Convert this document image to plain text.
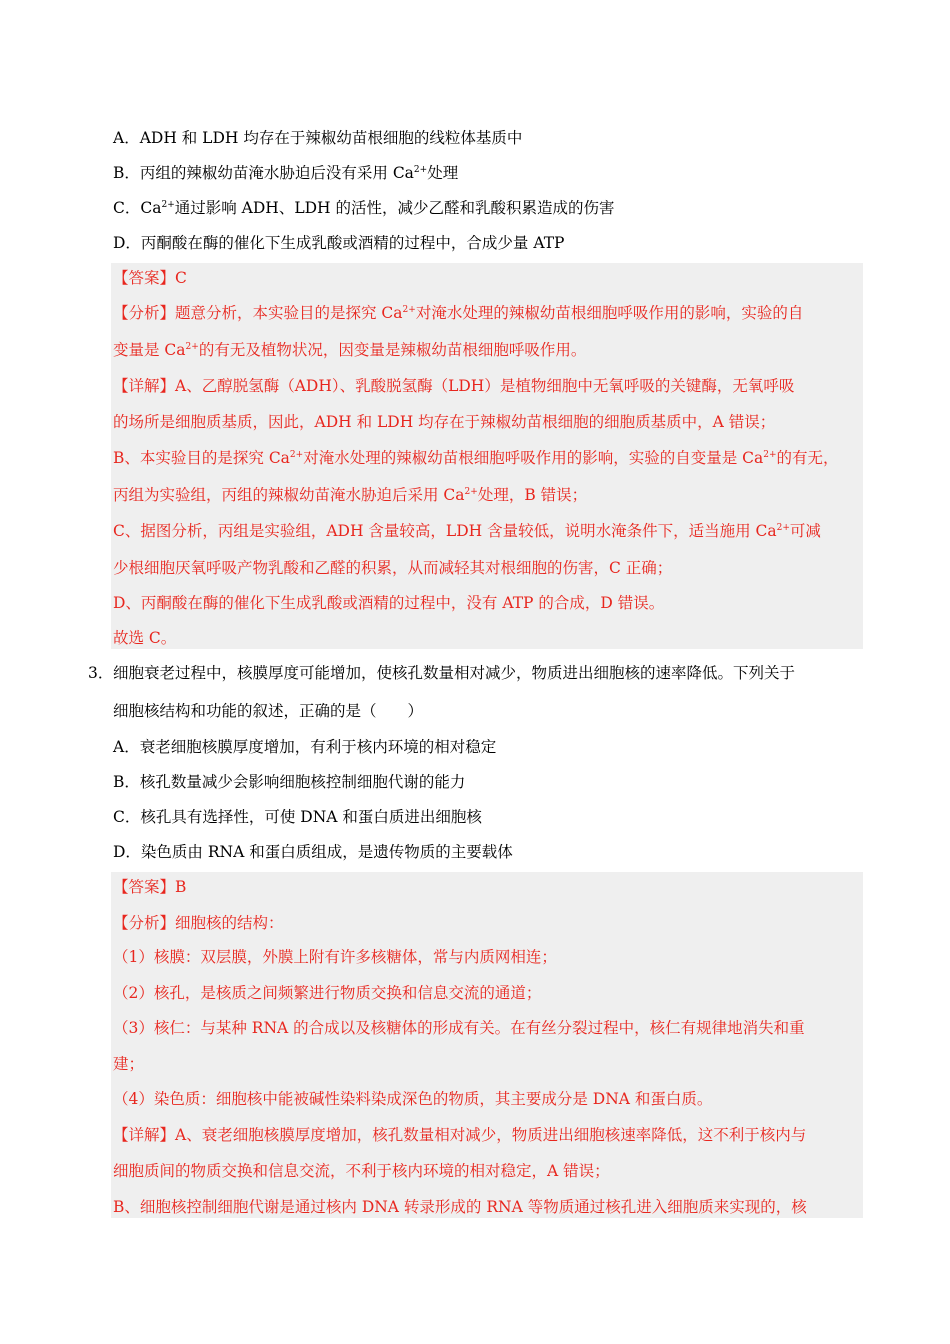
A．ADH 和 LDH 均存在于辣椒幼苗根细胞的线粒体基质中
B．丙组的辣椒幼苗淹水胁迫后没有采用 $Ca^{2+}$处理
C．$Ca^{2+}$通过影响 ADH、LDH 的活性，减少乙醛和乳酸积累造成的伤害
D．丙酮酸在酶的催化下生成乳酸或酒精的过程中，合成少量 ATP
【答案】C
【分析】题意分析，本实验目的是探究 $Ca^{2+}$对淹水处理的辣椒幼苗根细胞呼吸作用的影响，实验的自
变量是 $Ca^{2+}$的有无及植物状况，因变量是辣椒幼苗根细胞呼吸作用。
【详解】A、乙醇脱氢酶（ADH）、乳酸脱氢酶（LDH）是植物细胞中无氧呼吸的关键酶，无氧呼吸
的场所是细胞质基质，因此，ADH 和 LDH 均存在于辣椒幼苗根细胞的细胞质基质中，A 错误；
B、本实验目的是探究 $Ca^{2+}$对淹水处理的辣椒幼苗根细胞呼吸作用的影响，实验的自变量是 $Ca^{2+}$的有无，
丙组为实验组，丙组的辣椒幼苗淹水胁迫后采用 $Ca^{2+}$处理，B 错误；
C、据图分析，丙组是实验组，ADH 含量较高，LDH 含量较低，说明水淹条件下，适当施用 $Ca^{2+}$可减
少根细胞厌氧呼吸产物乳酸和乙醛的积累，从而减轻其对根细胞的伤害，C 正确；
D、丙酮酸在酶的催化下生成乳酸或酒精的过程中，没有 ATP 的合成，D 错误。
故选 C。
3． 细胞衰老过程中，核膜厚度可能增加，使核孔数量相对减少，物质进出细胞核的速率降低。下列关于
细胞核结构和功能的叙述，正确的是（　　）
A．衰老细胞核膜厚度增加，有利于核内环境的相对稳定
B．核孔数量减少会影响细胞核控制细胞代谢的能力
C．核孔具有选择性，可使 DNA 和蛋白质进出细胞核
D．染色质由 RNA 和蛋白质组成，是遗传物质的主要载体
【答案】B
【分析】细胞核的结构：
（1）核膜：双层膜，外膜上附有许多核糖体，常与内质网相连；
（2）核孔，是核质之间频繁进行物质交换和信息交流的通道；
（3）核仁：与某种 RNA 的合成以及核糖体的形成有关。在有丝分裂过程中，核仁有规律地消失和重
建；
（4）染色质：细胞核中能被碱性染料染成深色的物质，其主要成分是 DNA 和蛋白质。
【详解】A、衰老细胞核膜厚度增加，核孔数量相对减少，物质进出细胞核速率降低，这不利于核内与
细胞质间的物质交换和信息交流，不利于核内环境的相对稳定，A 错误；
B、细胞核控制细胞代谢是通过核内 DNA 转录形成的 RNA 等物质通过核孔进入细胞质来实现的，核
